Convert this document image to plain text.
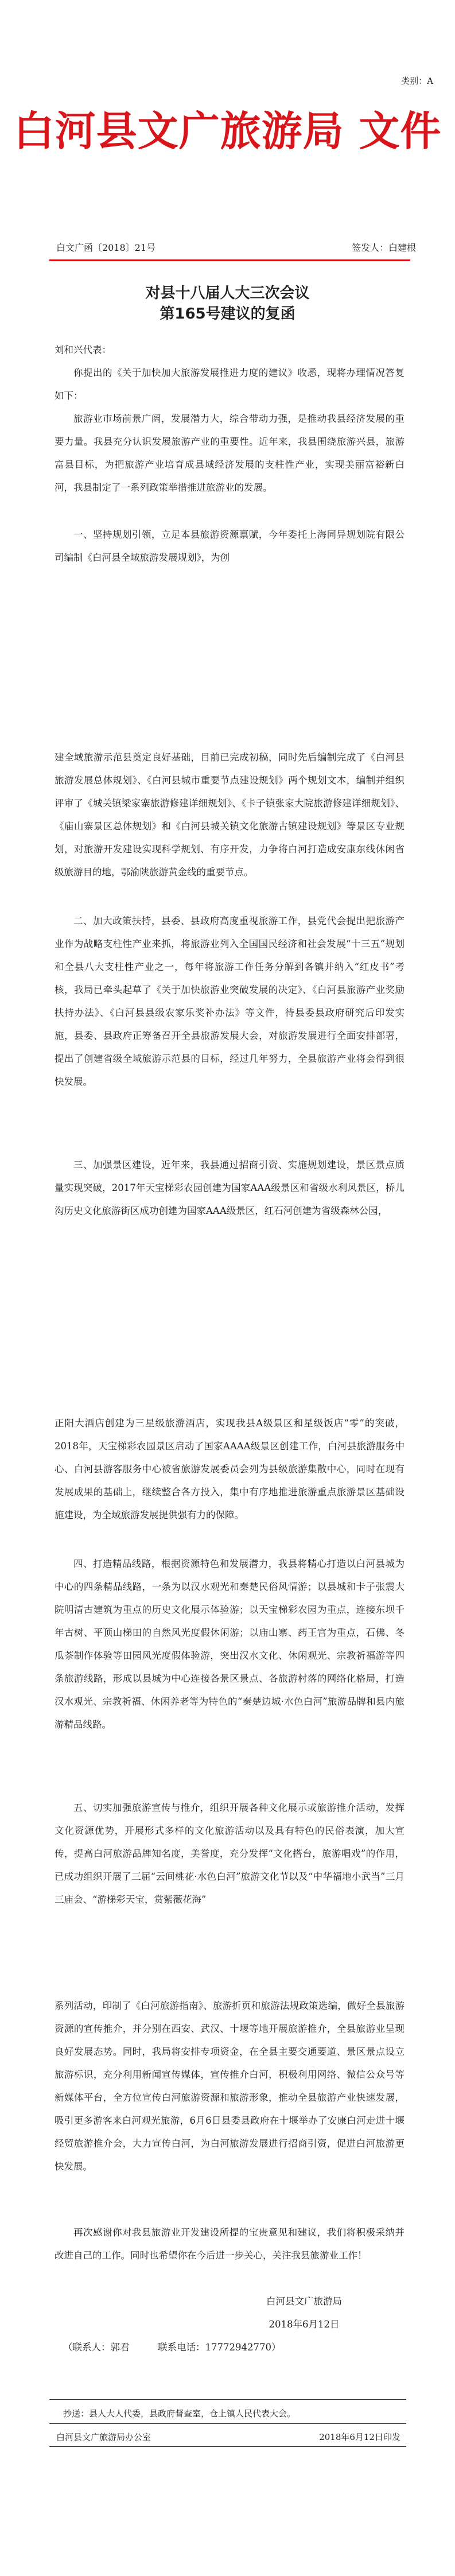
类别：A
白河县文广旅游局 文件
白文广函〔2018〕21号	签发人：白建根
对县十八届人大三次会议
第165号建议的复函
刘和兴代表：
你提出的《关于加快加大旅游发展推进力度的建议》收悉，现将办理情况答复如下：
旅游业市场前景广阔，发展潜力大，综合带动力强，是推动我县经济发展的重要力量。我县充分认识发展旅游产业的重要性。近年来，我县围绕旅游兴县，旅游富县目标，为把旅游产业培育成县域经济发展的支柱性产业，实现美丽富裕新白河，我县制定了一系列政策举措推进旅游业的发展。
一、坚持规划引领，立足本县旅游资源禀赋，今年委托上海同异规划院有限公司编制《白河县全域旅游发展规划》，为创
建全域旅游示范县奠定良好基础，目前已完成初稿，同时先后编制完成了《白河县旅游发展总体规划》、《白河县城市重要节点建设规划》两个规划文本，编制并组织评审了《城关镇梁家寨旅游修建详细规划》、《卡子镇张家大院旅游修建详细规划》、《庙山寨景区总体规划》和《白河县城关镇文化旅游古镇建设规划》等景区专业规划，对旅游开发建设实现科学规划、有序开发，力争将白河打造成安康东线休闲省级旅游目的地，鄂渝陕旅游黄金线的重要节点。
二、加大政策扶持，县委、县政府高度重视旅游工作，县党代会提出把旅游产业作为战略支柱性产业来抓，将旅游业列入全国国民经济和社会发展“十三五”规划和全县八大支柱性产业之一，每年将旅游工作任务分解到各镇并纳入“红皮书”考核，我局已牵头起草了《关于加快旅游业突破发展的决定》、《白河县旅游产业奖励扶持办法》、《白河县县级农家乐奖补办法》等文件，待县委县政府研究后印发实施，县委、县政府正筹备召开全县旅游发展大会，对旅游发展进行全面安排部署，提出了创建省级全域旅游示范县的目标，经过几年努力，全县旅游产业将会得到很快发展。
三、加强景区建设，近年来，我县通过招商引资、实施规划建设，景区景点质量实现突破，2017年天宝梯彩农园创建为国家AAA级景区和省级水利风景区，桥儿沟历史文化旅游街区成功创建为国家AAA级景区，红石河创建为省级森林公园，
正阳大酒店创建为三星级旅游酒店，实现我县A级景区和星级饭店“零”的突破，2018年，天宝梯彩农园景区启动了国家AAAA级景区创建工作，白河县旅游服务中心、白河县游客服务中心被省旅游发展委员会列为县级旅游集散中心，同时在现有发展成果的基础上，继续整合各方投入，集中有序地推进旅游重点旅游景区基础设施建设，为全域旅游发展提供强有力的保障。
四、打造精品线路，根据资源特色和发展潜力，我县将精心打造以白河县城为中心的四条精品线路，一条为以汉水观光和秦楚民俗风情游；以县城和卡子张震大院明清古建筑为重点的历史文化展示体验游；以天宝梯彩农园为重点，连接东坝千年古树、平顶山梯田的自然风光度假休闲游；以庙山寨、药王宫为重点，石佛、冬瓜茶制作体验等田园风光度假体验游，突出汉水文化、休闲观光、宗教祈福游等四条旅游线路，形成以县城为中心连接各景区景点、各旅游村落的网络化格局，打造汉水观光、宗教祈福、休闲养老等为特色的“秦楚边城·水色白河”旅游品牌和县内旅游精品线路。
五、切实加强旅游宣传与推介，组织开展各种文化展示或旅游推介活动，发挥文化资源优势，开展形式多样的文化旅游活动以及具有特色的民俗表演，加大宣传，提高白河旅游品牌知名度，美誉度，充分发挥“文化搭台，旅游唱戏”的作用，已成功组织开展了三届“云间桃花·水色白河”旅游文化节以及“中华福地小武当”三月三庙会、“游梯彩天宝，赏紫薇花海”
系列活动，印制了《白河旅游指南》、旅游折页和旅游法规政策选编，做好全县旅游资源的宣传推介，并分别在西安、武汉、十堰等地开展旅游推介，全县旅游业呈现良好发展态势。同时，我局将安排专项资金，在全县主要交通要道、景区景点设立旅游标识，充分利用新闻宣传媒体，宣传推介白河，积极利用网络、微信公众号等新媒体平台，全方位宣传白河旅游资源和旅游形象，推动全县旅游产业快速发展，吸引更多游客来白河观光旅游，6月6日县委县政府在十堰举办了安康白河走进十堰经贸旅游推介会，大力宣传白河，为白河旅游发展进行招商引资，促进白河旅游更快发展。
再次感谢你对我县旅游业开发建设所提的宝贵意见和建议，我们将积极采纳并改进自己的工作。同时也希望你在今后进一步关心，关注我县旅游业工作！
白河县文广旅游局
2018年6月12日
（联系人：郭君　　　联系电话：17772942770）
抄送：县人大人代委，县政府督查室，仓上镇人民代表大会。
白河县文广旅游局办公室	2018年6月12日印发
